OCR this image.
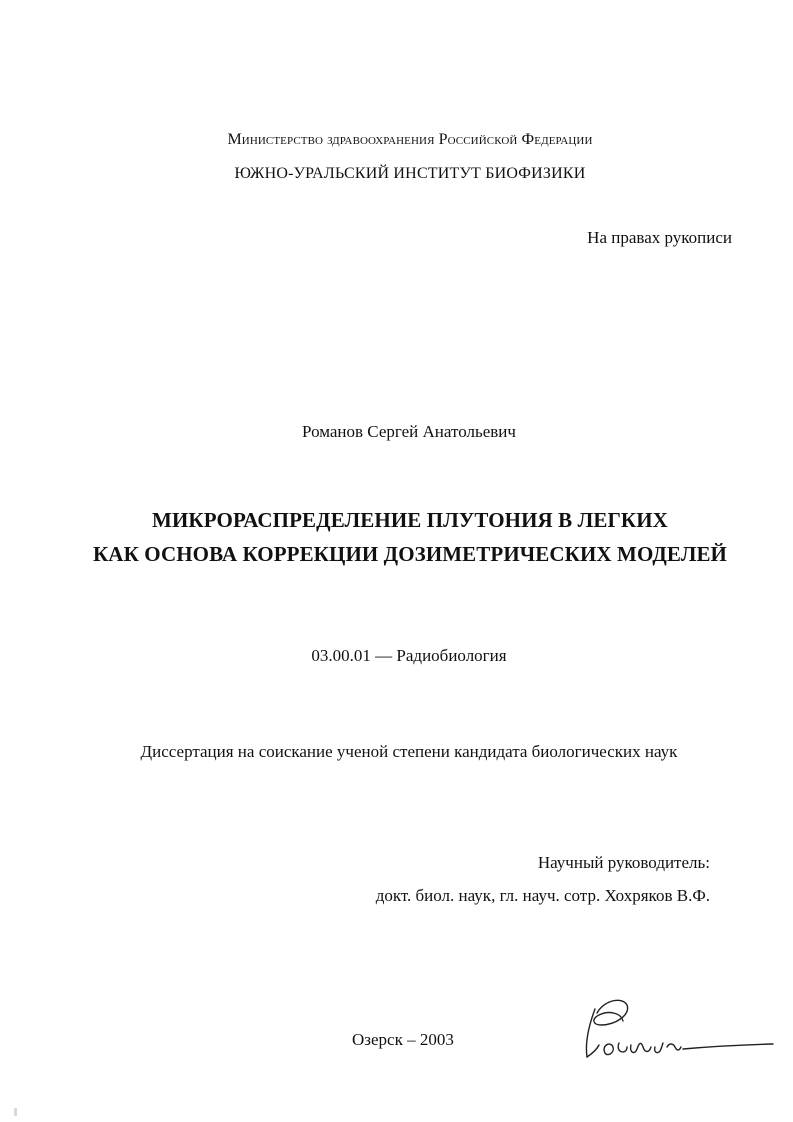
Министерство здравоохранения Российской Федерации
ЮЖНО-УРАЛЬСКИЙ ИНСТИТУТ БИОФИЗИКИ
На правах рукописи
Романов Сергей Анатольевич
МИКРОРАСПРЕДЕЛЕНИЕ ПЛУТОНИЯ В ЛЕГКИХ
КАК ОСНОВА КОРРЕКЦИИ ДОЗИМЕТРИЧЕСКИХ МОДЕЛЕЙ
03.00.01 — Радиобиология
Диссертация на соискание ученой степени кандидата биологических наук
Научный руководитель:
докт. биол. наук, гл. науч. сотр. Хохряков В.Ф.
Озерск – 2003
